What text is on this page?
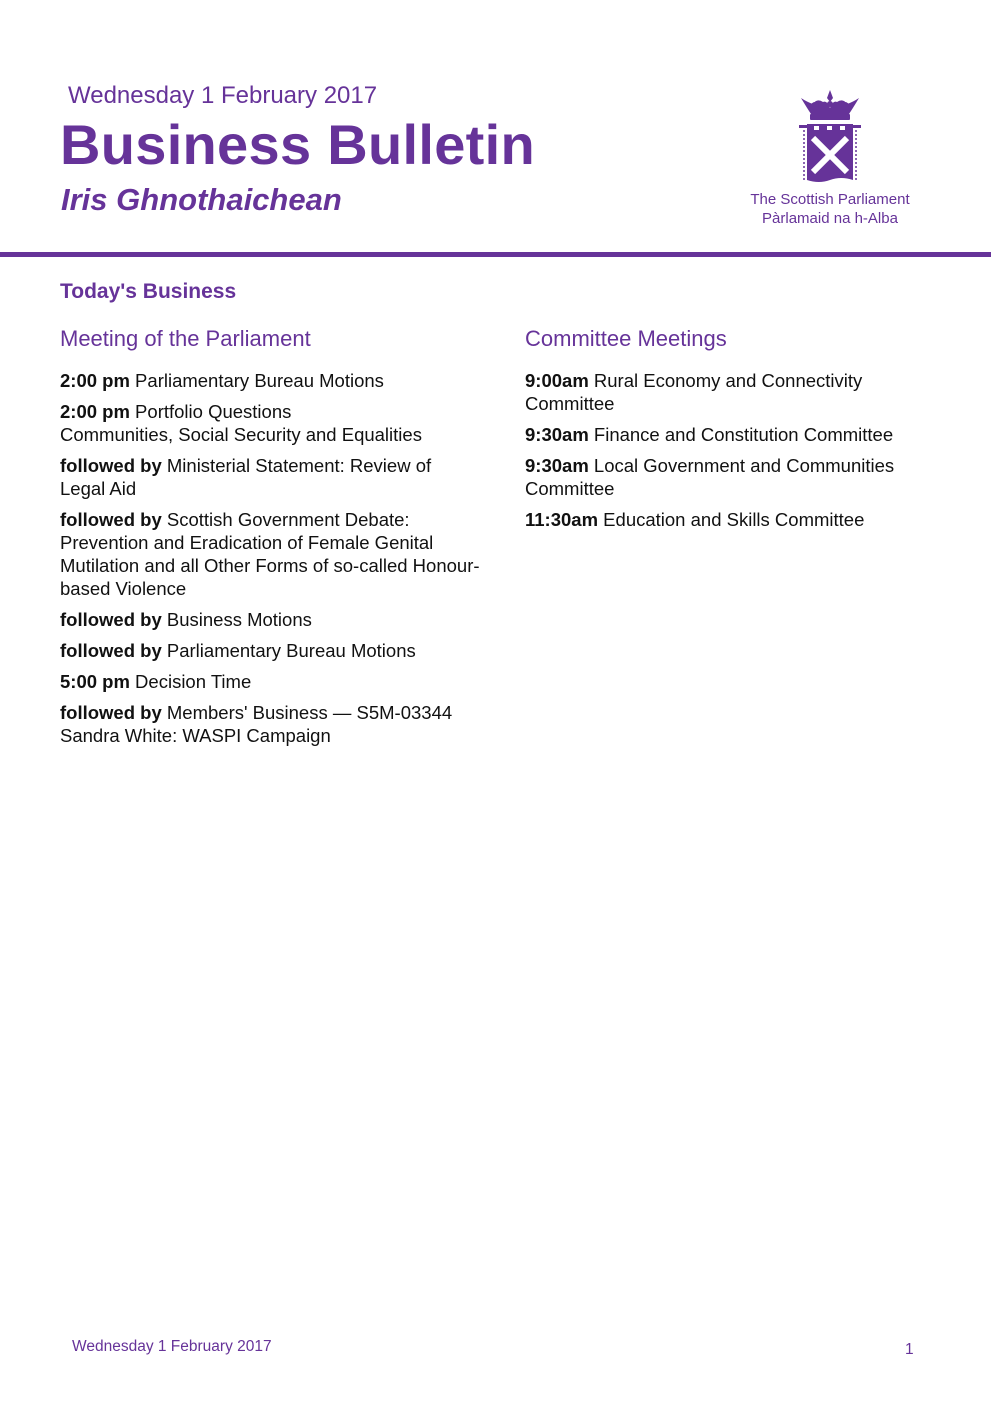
Wednesday 1 February 2017
Business Bulletin
Iris Ghnothaichean	The Scottish Parliament
Pàrlamaid na h-Alba
Today's Business
Meeting of the Parliament
2:00 pm Parliamentary Bureau Motions
2:00 pm Portfolio Questions
Communities, Social Security and Equalities
followed by Ministerial Statement: Review of Legal Aid
followed by Scottish Government Debate: Prevention and Eradication of Female Genital Mutilation and all Other Forms of so-called Honour-based Violence
followed by Business Motions
followed by Parliamentary Bureau Motions
5:00 pm Decision Time
followed by Members' Business — S5M-03344 Sandra White: WASPI Campaign
Committee Meetings
9:00am Rural Economy and Connectivity Committee
9:30am Finance and Constitution Committee
9:30am Local Government and Communities Committee
11:30am Education and Skills Committee
Wednesday 1 February 2017	1
